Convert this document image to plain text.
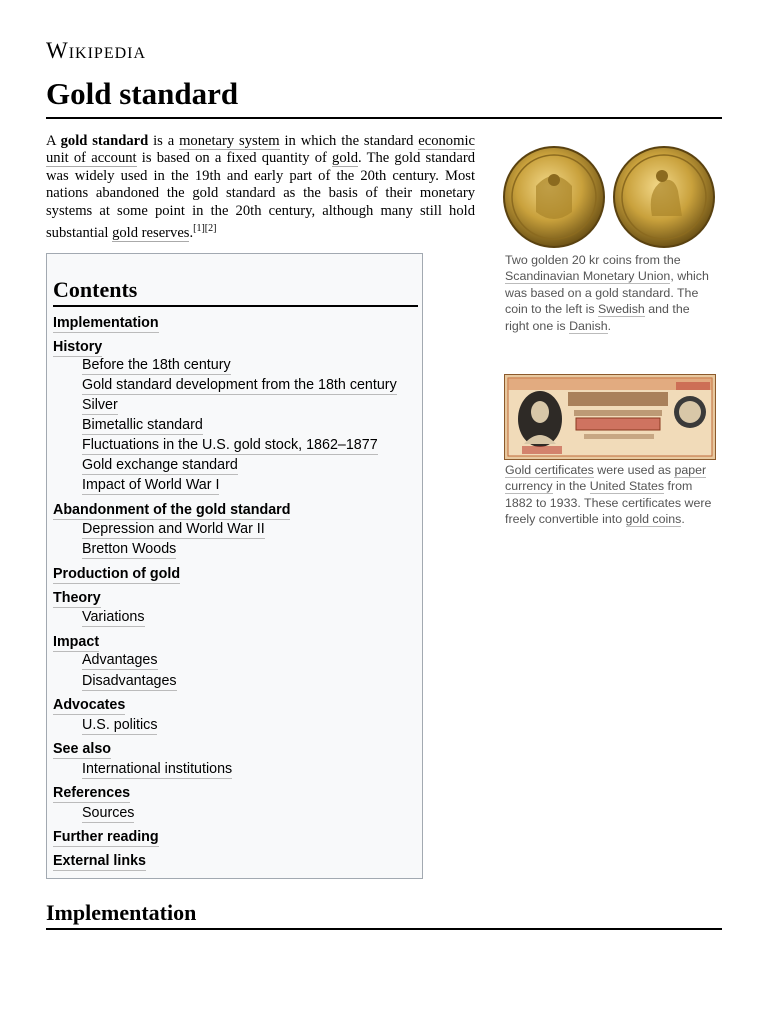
Wikipedia
Gold standard

A gold standard is a monetary system in which the standard economic unit of account is based on a fixed quantity of gold. The gold standard was widely used in the 19th and early part of the 20th century. Most nations abandoned the gold standard as the basis of their monetary systems at some point in the 20th century, although many still hold substantial gold reserves.[1][2]

Contents
Implementation
History
Before the 18th century
Gold standard development from the 18th century
Silver
Bimetallic standard
Fluctuations in the U.S. gold stock, 1862–1877
Gold exchange standard
Impact of World War I
Abandonment of the gold standard
Depression and World War II
Bretton Woods
Production of gold
Theory
Variations
Impact
Advantages
Disadvantages
Advocates
U.S. politics
See also
International institutions
References
Sources
Further reading
External links
Two golden 20 kr coins from the Scandinavian Monetary Union, which was based on a gold standard. The coin to the left is Swedish and the right one is Danish.
Gold certificates were used as paper currency in the United States from 1882 to 1933. These certificates were freely convertible into gold coins.
Implementation
